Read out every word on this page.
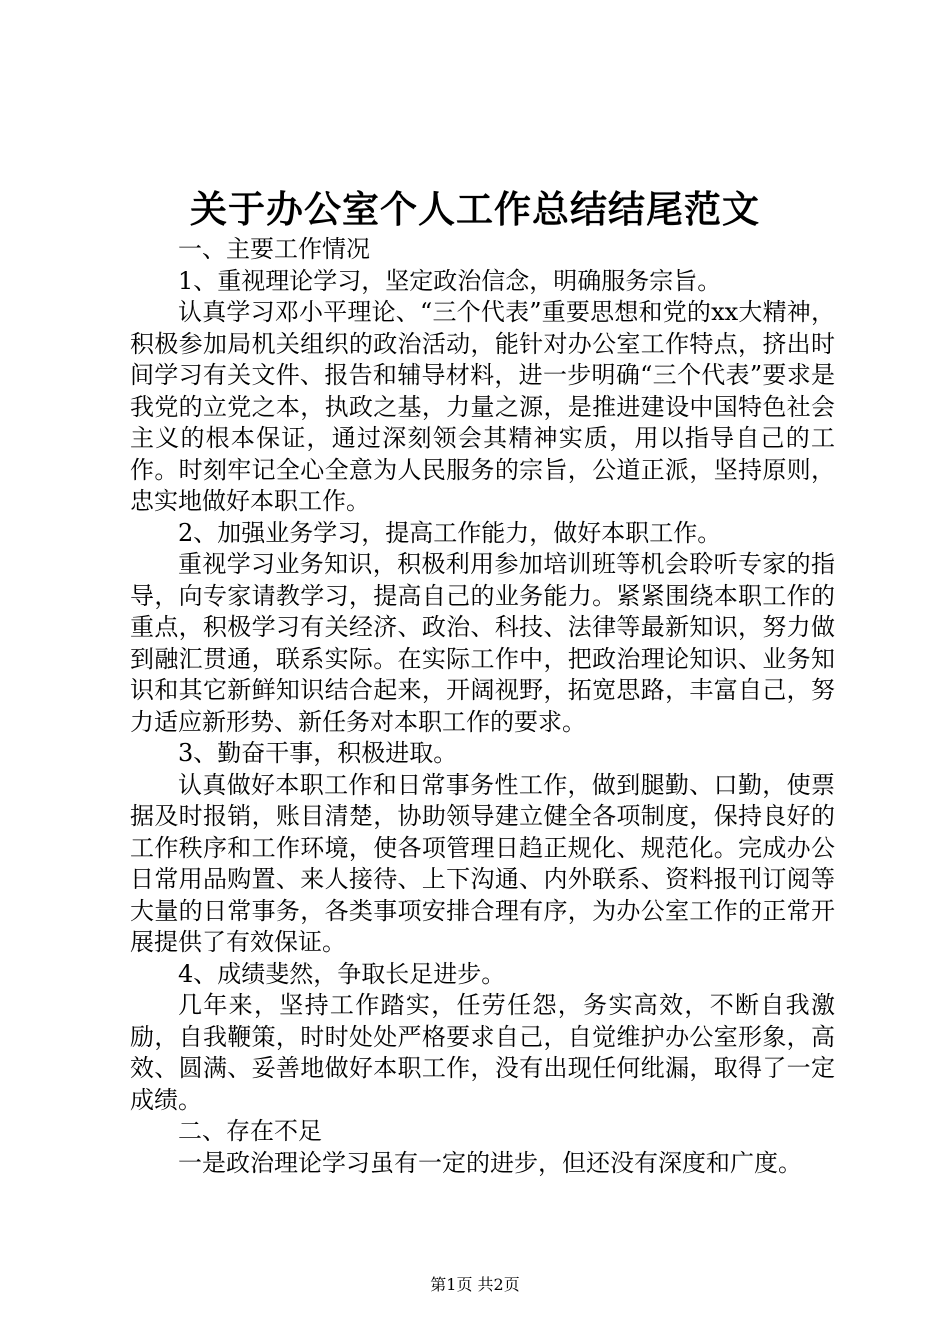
关于办公室个人工作总结结尾范文

一、主要工作情况

1、重视理论学习，坚定政治信念，明确服务宗旨。

认真学习邓小平理论、“三个代表”重要思想和党的xx大精神，积极参加局机关组织的政治活动，能针对办公室工作特点，挤出时间学习有关文件、报告和辅导材料，进一步明确“三个代表”要求是我党的立党之本，执政之基，力量之源，是推进建设中国特色社会主义的根本保证，通过深刻领会其精神实质，用以指导自己的工作。时刻牢记全心全意为人民服务的宗旨，公道正派，坚持原则，忠实地做好本职工作。

2、加强业务学习，提高工作能力，做好本职工作。

重视学习业务知识，积极利用参加培训班等机会聆听专家的指导，向专家请教学习，提高自己的业务能力。紧紧围绕本职工作的重点，积极学习有关经济、政治、科技、法律等最新知识，努力做到融汇贯通，联系实际。在实际工作中，把政治理论知识、业务知识和其它新鲜知识结合起来，开阔视野，拓宽思路，丰富自己，努力适应新形势、新任务对本职工作的要求。

3、勤奋干事，积极进取。

认真做好本职工作和日常事务性工作，做到腿勤、口勤，使票据及时报销，账目清楚，协助领导建立健全各项制度，保持良好的工作秩序和工作环境，使各项管理日趋正规化、规范化。完成办公日常用品购置、来人接待、上下沟通、内外联系、资料报刊订阅等大量的日常事务，各类事项安排合理有序，为办公室工作的正常开展提供了有效保证。

4、成绩斐然，争取长足进步。

几年来，坚持工作踏实，任劳任怨，务实高效，不断自我激励，自我鞭策，时时处处严格要求自己，自觉维护办公室形象，高效、圆满、妥善地做好本职工作，没有出现任何纰漏，取得了一定成绩。

二、存在不足

一是政治理论学习虽有一定的进步，但还没有深度和广度。

第1页 共2页
